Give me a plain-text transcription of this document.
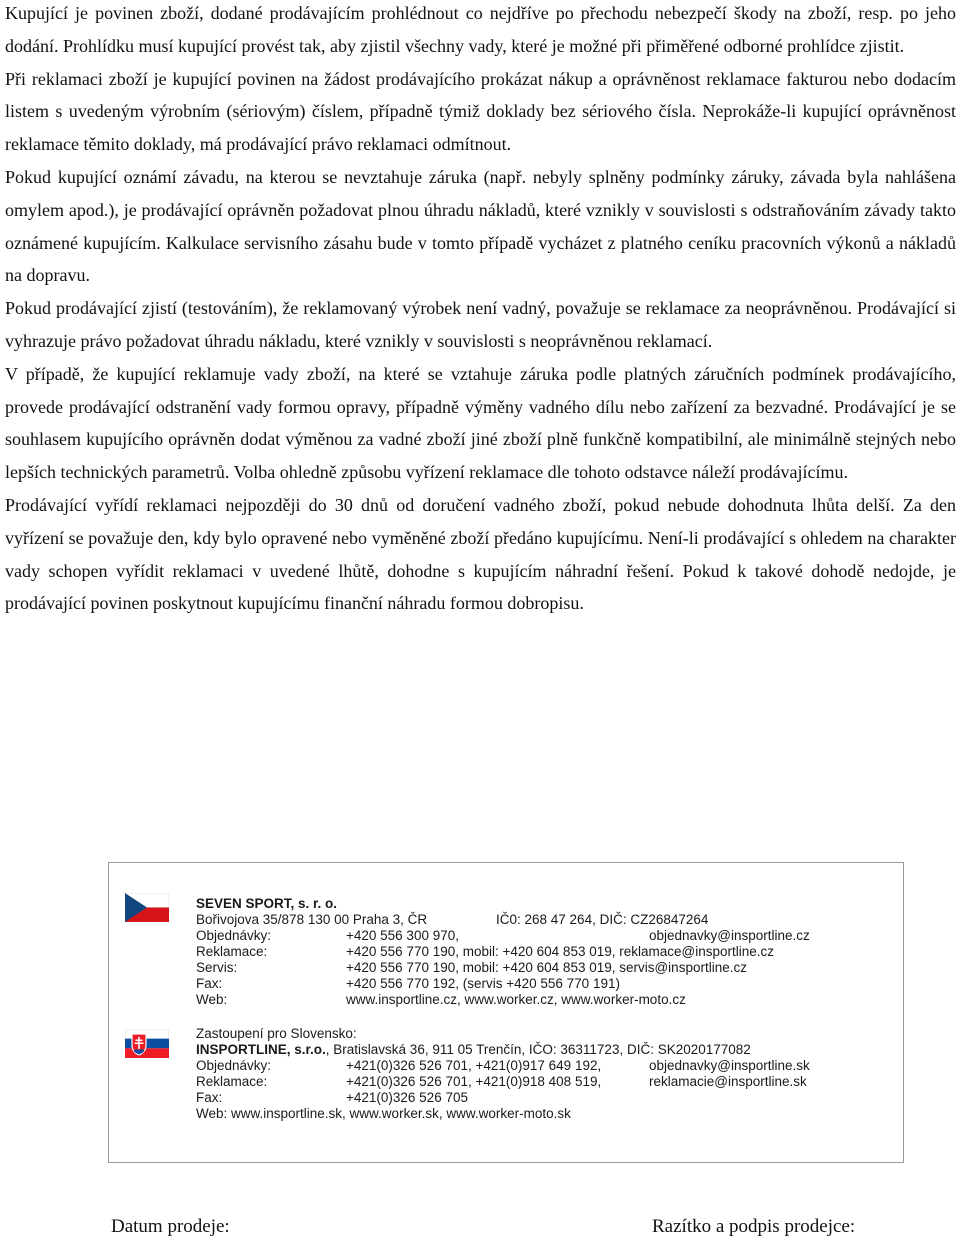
Kupující je povinen zboží, dodané prodávajícím prohlédnout co nejdříve po přechodu nebezpečí škody na zboží, resp. po jeho dodání. Prohlídku musí kupující provést tak, aby zjistil všechny vady, které je možné při přiměřené odborné prohlídce zjistit.

Při reklamaci zboží je kupující povinen na žádost prodávajícího prokázat nákup a oprávněnost reklamace fakturou nebo dodacím listem s uvedeným výrobním (sériovým) číslem, případně týmiž doklady bez sériového čísla. Neprokáže-li kupující oprávněnost reklamace těmito doklady, má prodávající právo reklamaci odmítnout.

Pokud kupující oznámí závadu, na kterou se nevztahuje záruka (např. nebyly splněny podmínky záruky, závada byla nahlášena omylem apod.), je prodávající oprávněn požadovat plnou úhradu nákladů, které vznikly v souvislosti s odstraňováním závady takto oznámené kupujícím. Kalkulace servisního zásahu bude v tomto případě vycházet z platného ceníku pracovních výkonů a nákladů na dopravu.

Pokud prodávající zjistí (testováním), že reklamovaný výrobek není vadný, považuje se reklamace za neoprávněnou. Prodávající si vyhrazuje právo požadovat úhradu nákladu, které vznikly v souvislosti s neoprávněnou reklamací.

V případě, že kupující reklamuje vady zboží, na které se vztahuje záruka podle platných záručních podmínek prodávajícího, provede prodávající odstranění vady formou opravy, případně výměny vadného dílu nebo zařízení za bezvadné. Prodávající je se souhlasem kupujícího oprávněn dodat výměnou za vadné zboží jiné zboží plně funkčně kompatibilní, ale minimálně stejných nebo lepších technických parametrů. Volba ohledně způsobu vyřízení reklamace dle tohoto odstavce náleží prodávajícímu.

Prodávající vyřídí reklamaci nejpozději do 30 dnů od doručení vadného zboží, pokud nebude dohodnuta lhůta delší. Za den vyřízení se považuje den, kdy bylo opravené nebo vyměněné zboží předáno kupujícímu. Není-li prodávající s ohledem na charakter vady schopen vyřídit reklamaci v uvedené lhůtě, dohodne s kupujícím náhradní řešení. Pokud k takové dohodě nedojde, je prodávající povinen poskytnout kupujícímu finanční náhradu formou dobropisu.

SEVEN SPORT, s. r. o.
Bořivojova 35/878 130 00 Praha 3, ČR	IČ0: 268 47 264, DIČ: CZ26847264
Objednávky:	+420 556 300 970,	objednavky@insportline.cz
Reklamace:	+420 556 770 190, mobil: +420 604 853 019, reklamace@insportline.cz
Servis:	+420 556 770 190, mobil: +420 604 853 019, servis@insportline.cz
Fax:	+420 556 770 192, (servis +420 556 770 191)
Web:	www.insportline.cz, www.worker.cz, www.worker-moto.cz
Zastoupení pro Slovensko:
INSPORTLINE, s.r.o., Bratislavská 36, 911 05 Trenčín, IČO: 36311723, DIČ: SK2020177082
Objednávky:	+421(0)326 526 701, +421(0)917 649 192,	objednavky@insportline.sk
Reklamace:	+421(0)326 526 701, +421(0)918 408 519,	reklamacie@insportline.sk
Fax:	+421(0)326 526 705
Web: www.insportline.sk, www.worker.sk, www.worker-moto.sk
Datum prodeje:	Razítko a podpis prodejce:
